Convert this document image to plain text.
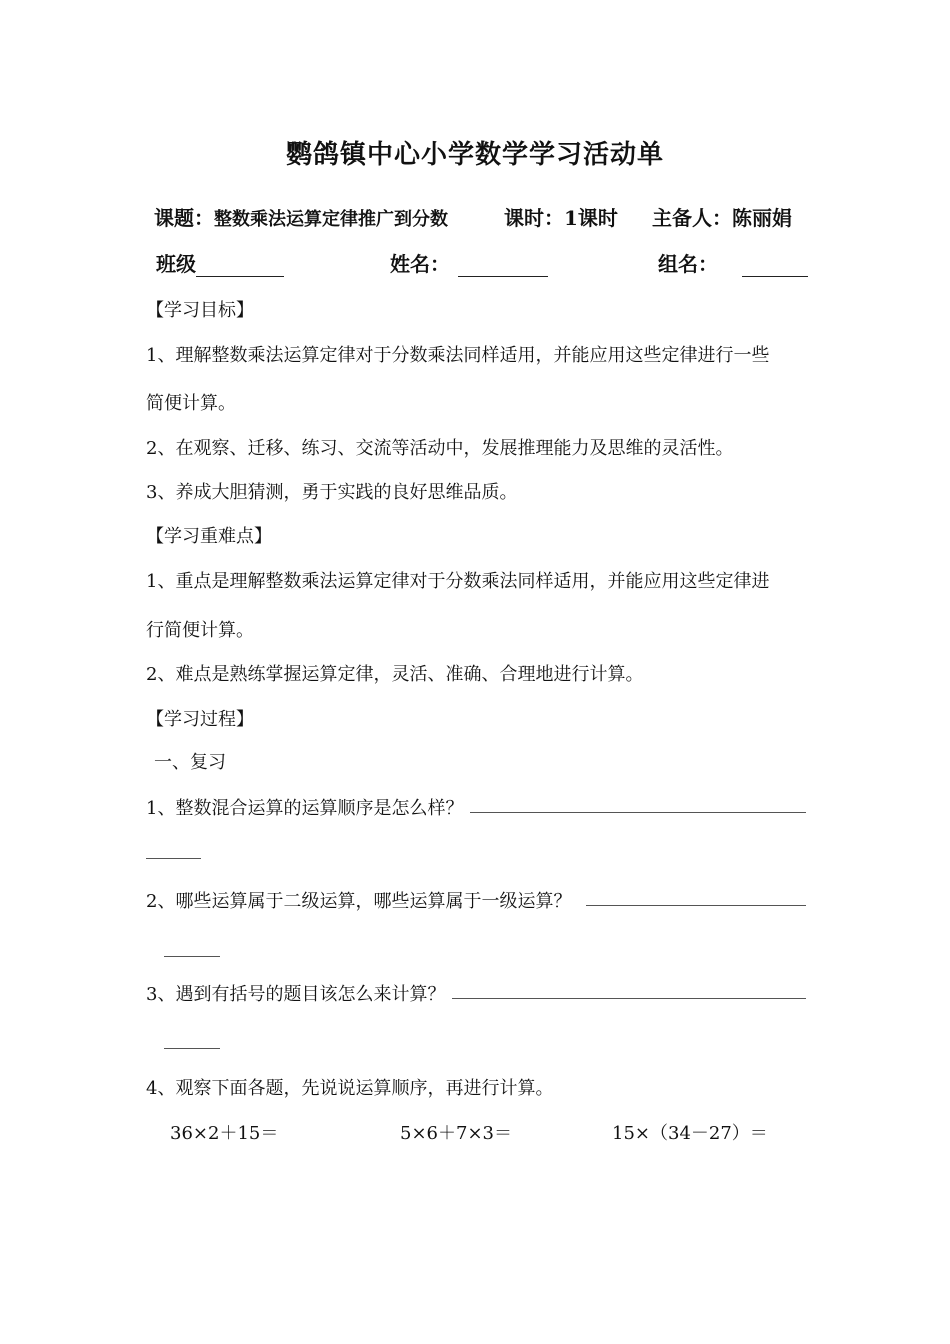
鹦鸽镇中心小学数学学习活动单
课题：整数乘法运算定律推广到分数	课时：1课时 主备人：陈丽娟
班级	姓名：	组名：
【学习目标】
1、理解整数乘法运算定律对于分数乘法同样适用，并能应用这些定律进行一些
简便计算。
2、在观察、迁移、练习、交流等活动中，发展推理能力及思维的灵活性。
3、养成大胆猜测，勇于实践的良好思维品质。
【学习重难点】
1、重点是理解整数乘法运算定律对于分数乘法同样适用，并能应用这些定律进
行简便计算。
2、难点是熟练掌握运算定律，灵活、准确、合理地进行计算。
【学习过程】
一、复习
1、整数混合运算的运算顺序是怎么样？
2、哪些运算属于二级运算，哪些运算属于一级运算？
3、遇到有括号的题目该怎么来计算？
4、观察下面各题，先说说运算顺序，再进行计算。
36×2＋15＝	5×6＋7×3＝	15×（34－27）＝
